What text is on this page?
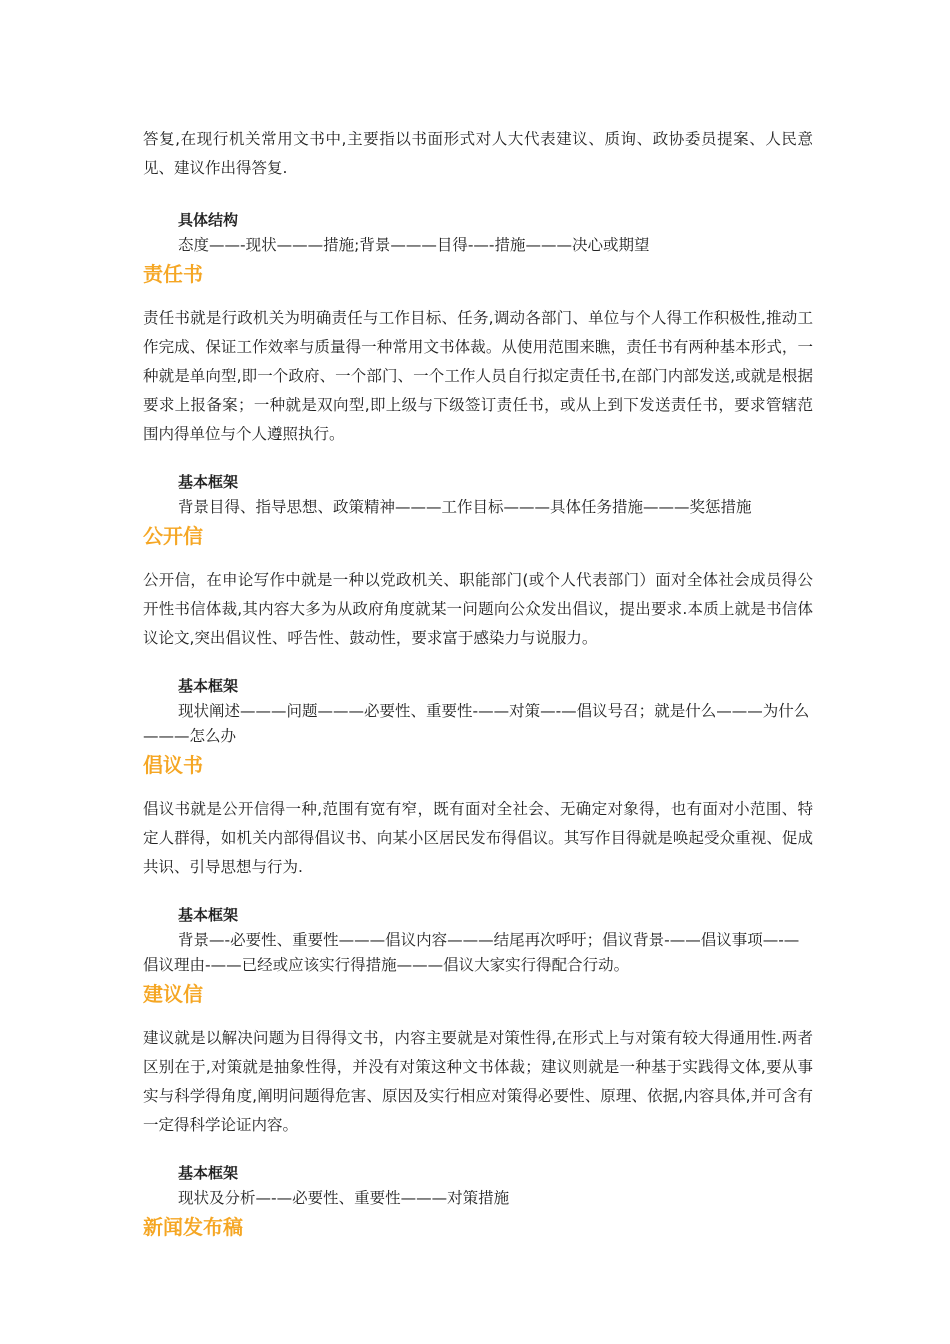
答复,在现行机关常用文书中,主要指以书面形式对人大代表建议、质询、政协委员提案、人民意见、建议作出得答复.

具体结构

态度——-现状———措施;背景———目得-—-措施———决心或期望

责任书

责任书就是行政机关为明确责任与工作目标、任务,调动各部门、单位与个人得工作积极性,推动工作完成、保证工作效率与质量得一种常用文书体裁。从使用范围来瞧，责任书有两种基本形式，一种就是单向型,即一个政府、一个部门、一个工作人员自行拟定责任书,在部门内部发送,或就是根据要求上报备案；一种就是双向型,即上级与下级签订责任书，或从上到下发送责任书，要求管辖范围内得单位与个人遵照执行。

基本框架

背景目得、指导思想、政策精神———工作目标———具体任务措施———奖惩措施

公开信

公开信，在申论写作中就是一种以党政机关、职能部门(或个人代表部门）面对全体社会成员得公开性书信体裁,其内容大多为从政府角度就某一问题向公众发出倡议，提出要求.本质上就是书信体议论文,突出倡议性、呼告性、鼓动性，要求富于感染力与说服力。

基本框架

现状阐述———问题———必要性、重要性-——对策—-—倡议号召；就是什么———为什么———怎么办

倡议书

倡议书就是公开信得一种,范围有宽有窄，既有面对全社会、无确定对象得，也有面对小范围、特定人群得，如机关内部得倡议书、向某小区居民发布得倡议。其写作目得就是唤起受众重视、促成共识、引导思想与行为.

基本框架

背景—-必要性、重要性———倡议内容———结尾再次呼吁；倡议背景-——倡议事项—-—倡议理由-——已经或应该实行得措施———倡议大家实行得配合行动。

建议信

建议就是以解决问题为目得得文书，内容主要就是对策性得,在形式上与对策有较大得通用性.两者区别在于,对策就是抽象性得，并没有对策这种文书体裁；建议则就是一种基于实践得文体,要从事实与科学得角度,阐明问题得危害、原因及实行相应对策得必要性、原理、依据,内容具体,并可含有一定得科学论证内容。

基本框架

现状及分析—-—必要性、重要性———对策措施

新闻发布稿
